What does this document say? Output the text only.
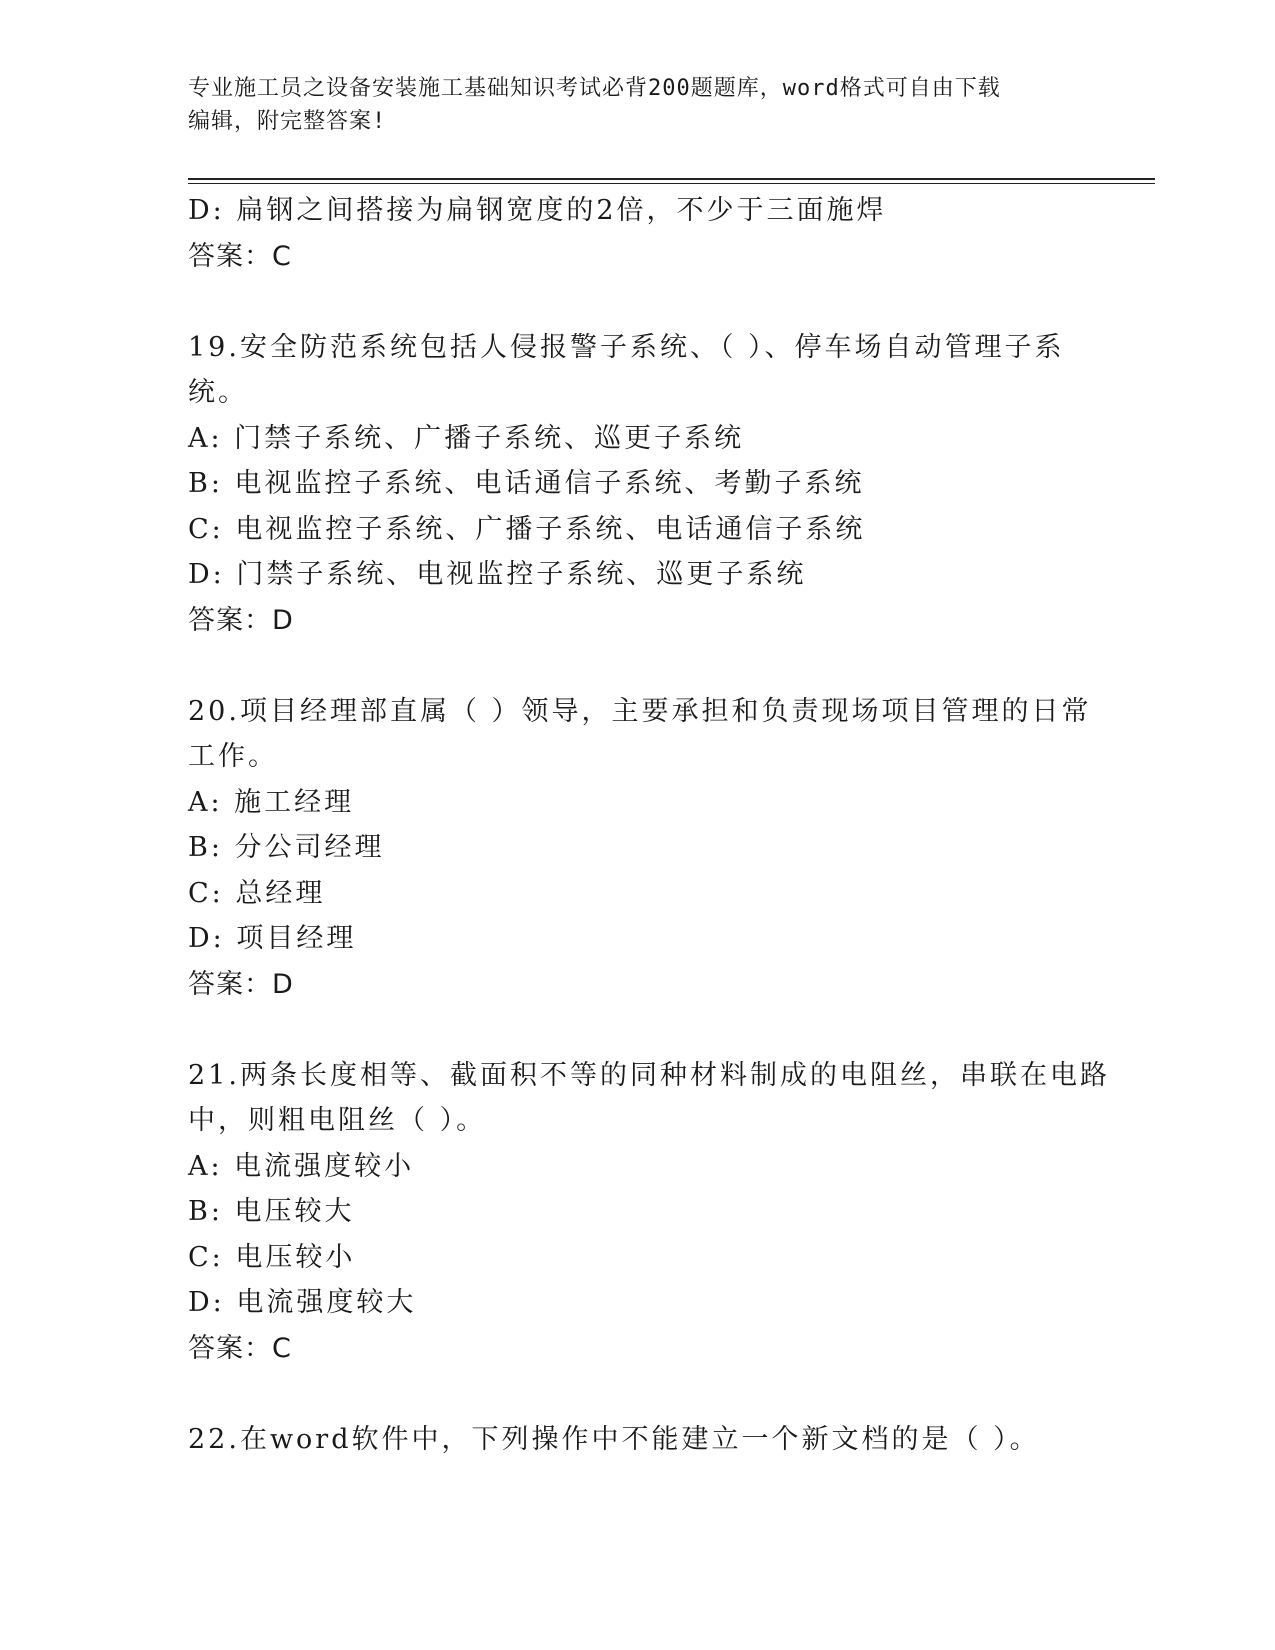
专业施工员之设备安装施工基础知识考试必背200题题库，word格式可自由下载
编辑，附完整答案!
D: 扁钢之间搭接为扁钢宽度的2倍，不少于三面施焊
答案：C
19.安全防范系统包括人侵报警子系统、（ ）、停车场自动管理子系
统。
A: 门禁子系统、广播子系统、巡更子系统
B: 电视监控子系统、电话通信子系统、考勤子系统
C: 电视监控子系统、广播子系统、电话通信子系统
D: 门禁子系统、电视监控子系统、巡更子系统
答案：D
20.项目经理部直属（ ）领导，主要承担和负责现场项目管理的日常
工作。
A: 施工经理
B: 分公司经理
C: 总经理
D: 项目经理
答案：D
21.两条长度相等、截面积不等的同种材料制成的电阻丝，串联在电路
中，则粗电阻丝（ ）。
A: 电流强度较小
B: 电压较大
C: 电压较小
D: 电流强度较大
答案：C
22.在word软件中，下列操作中不能建立一个新文档的是（ ）。
